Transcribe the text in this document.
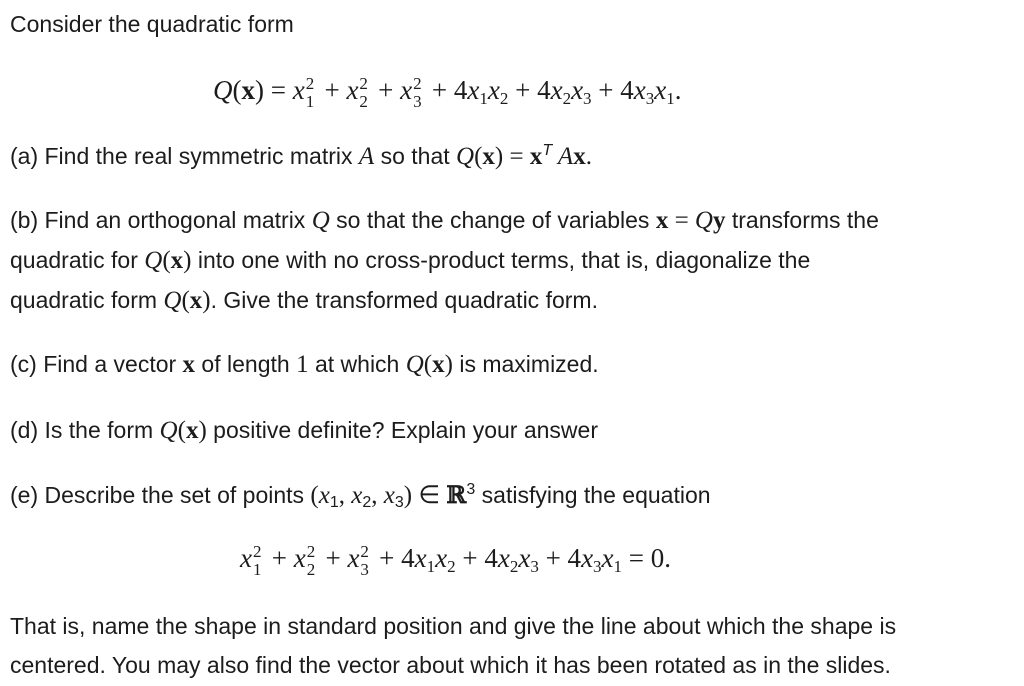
Consider the quadratic form
Q(x) = x 2
1 + x 2
2 + x 2
$3 + 4x_1x_2 + 4x_2x_3 + 4x_3x_1$.
(a) Find the real symmetric matrix A so that $Q(x) = x^T$ Ax.
(b) Find an orthogonal matrix Q so that the change of variables x = Qy transforms the
quadratic for Q(x) into one with no cross-product terms, that is, diagonalize the
quadratic form Q(x). Give the transformed quadratic form.
(c) Find a vector x of length 1 at which Q(x) is maximized.
(d) Is the form Q(x) positive definite? Explain your answer
(e) Describe the set of points ($x_1$, $x_2$, $x_3$) ∈ ℝ$^3$ satisfying the equation
x 2
1 + x 2
2 + x 2
$3 + 4x_1x_2 + 4x_2x_3 + 4x_3x_1 = 0$.
That is, name the shape in standard position and give the line about which the shape is
centered. You may also find the vector about which it has been rotated as in the slides.
